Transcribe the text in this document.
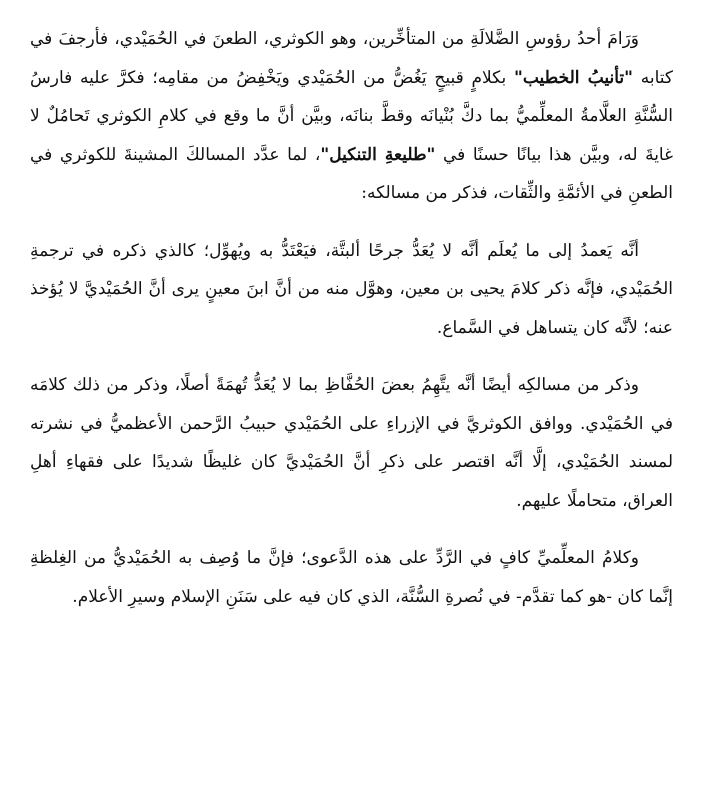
وَرَامَ أحدُ رؤوسِ الضَّلالَةِ من المتأخِّرين، وهو الكوثري، الطعنَ في الحُمَيْدي، فأرجفَ في كتابه "تأنيبُ الخطيب" بكلامٍ قبيحٍ يَغُضُّ من الحُمَيْدي ويَخْفِضُ من مقامِه؛ فكرَّ عليه فارسُ السُّنَّةِ العلَّامةُ المعلِّميُّ بما دكَّ بُنْيانَه وقطَّ بنانَه، وبيَّن أنَّ ما وقع في كلامِ الكوثري تَحامُلٌ لا غايةَ له، وبيَّن هذا بيانًا حسنًا في "طليعةِ التنكيل"، لما عدَّد المسالكَ المشينةَ للكوثري في الطعنِ في الأئمَّةِ والثِّقات، فذكر من مسالكه:

أنَّه يَعمدُ إلى ما يُعلَم أنَّه لا يُعَدُّ جرحًا ألبتَّة، فيَعْتَدُّ به ويُهوِّل؛ كالذي ذكره في ترجمةِ الحُمَيْدي، فإنَّه ذكر كلامَ يحيى بن معين، وهوَّل منه من أنَّ ابنَ معينٍ يرى أنَّ الحُمَيْديَّ لا يُؤخذ عنه؛ لأنَّه كان يتساهل في السَّماع.

وذكر من مسالكِه أيضًا أنَّه يتَّهِمُ بعضَ الحُفَّاظِ بما لا يُعَدُّ تُهمَةً أصلًا، وذكر من ذلك كلامَه في الحُمَيْدي. ووافق الكوثريَّ في الإزراءِ على الحُمَيْدي حبيبُ الرَّحمن الأعظميُّ في نشرته لمسند الحُمَيْدي، إلَّا أنَّه اقتصر على ذكرِ أنَّ الحُمَيْديَّ كان غليظًا شديدًا على فقهاءِ أهلِ العراق، متحاملًا عليهم.

وكلامُ المعلِّميِّ كافٍ في الرَّدِّ على هذه الدَّعوى؛ فإنَّ ما وُصِف به الحُمَيْديُّ من الغِلظةِ إنَّما كان -هو كما تقدَّم- في نُصرةِ السُّنَّة، الذي كان فيه على سَنَنِ الإسلام وسيرِ الأعلام.
